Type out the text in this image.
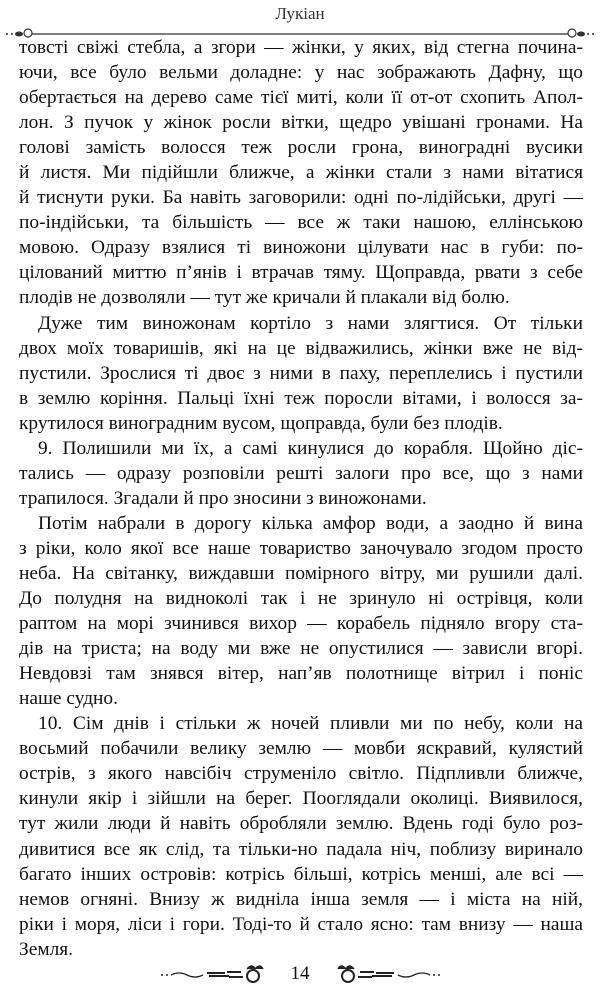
Лукіан
товсті свіжі стебла, а згори — жінки, у яких, від стегна почина-
ючи, все було вельми доладне: у нас зображають Дафну, що
обертається на дерево саме тієї миті, коли її от-от схопить Апол-
лон. З пучок у жінок росли вітки, щедро увішані гронами. На
голові замість волосся теж росли грона, виноградні вусики
й листя. Ми підійшли ближче, а жінки стали з нами вітатися
й тиснути руки. Ба навіть заговорили: одні по-лідійськи, другі —
по-індійськи, та більшість — все ж таки нашою, еллінською
мовою. Одразу взялися ті виножони цілувати нас в губи: по-
цілований миттю п’янів і втрачав тяму. Щоправда, рвати з себе
плодів не дозволяли — тут же кричали й плакали від болю.
Дуже тим виножонам кортіло з нами злягтися. От тільки
двох моїх товаришів, які на це відважились, жінки вже не від-
пустили. Зрослися ті двоє з ними в паху, переплелись і пустили
в землю коріння. Пальці їхні теж поросли вітами, і волосся за-
крутилося виноградним вусом, щоправда, були без плодів.
9. Полишили ми їх, а самі кинулися до корабля. Щойно діс-
тались — одразу розповіли решті залоги про все, що з нами
трапилося. Згадали й про зносини з виножонами.
Потім набрали в дорогу кілька амфор води, а заодно й вина
з ріки, коло якої все наше товариство заночувало згодом просто
неба. На світанку, виждавши помірного вітру, ми рушили далі.
До полудня на видноколі так і не зринуло ні острівця, коли
раптом на морі зчинився вихор — корабель підняло вгору ста-
дів на триста; на воду ми вже не опустилися — зависли вгорі.
Невдовзі там знявся вітер, нап’яв полотнище вітрил і поніс
наше судно.
10. Сім днів і стільки ж ночей пливли ми по небу, коли на
восьмий побачили велику землю — мовби яскравий, кулястий
острів, з якого навсібіч струменіло світло. Підпливли ближче,
кинули якір і зійшли на берег. Пооглядали околиці. Виявилося,
тут жили люди й навіть обробляли землю. Вдень годі було роз-
дивитися все як слід, та тільки-но падала ніч, поблизу виринало
багато інших островів: котрісь більші, котрісь менші, але всі —
немов огняні. Внизу ж видніла інша земля — і міста на ній,
ріки і моря, ліси і гори. Тоді-то й стало ясно: там внизу — наша
Земля.
14
